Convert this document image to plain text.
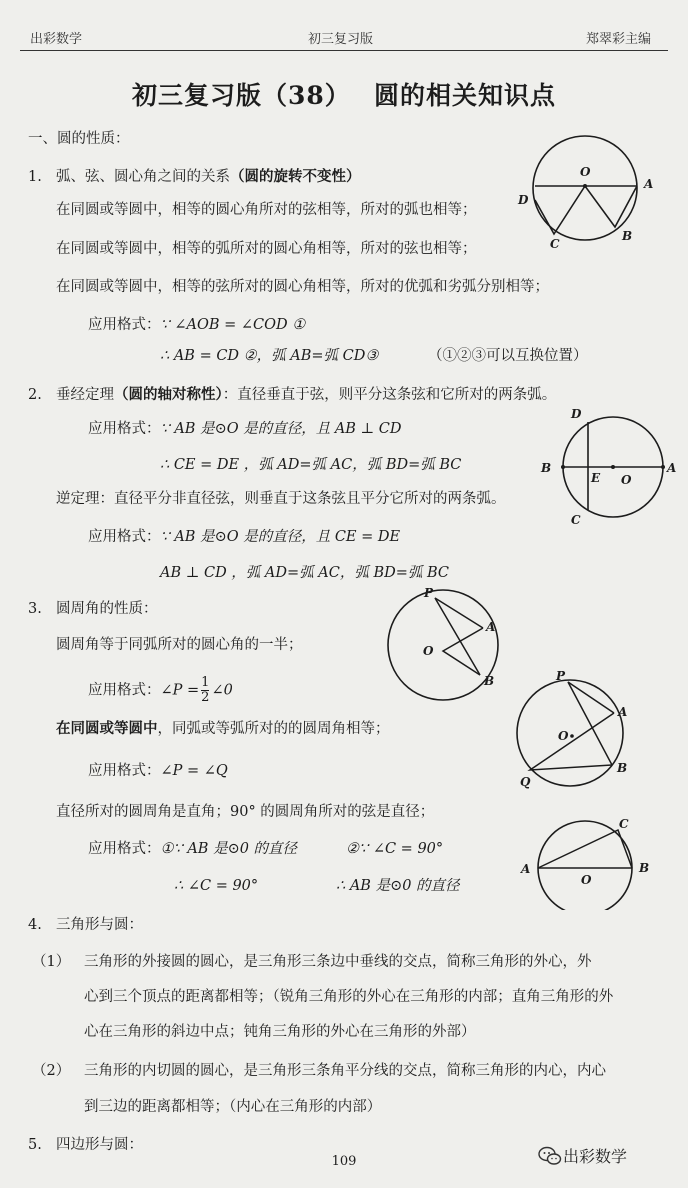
出彩数学	初三复习版	郑翠彩主编
初三复习版（38）　 圆的相关知识点
一、圆的性质：
1. 弧、弦、圆心角之间的关系（圆的旋转不变性）
在同圆或等圆中，相等的圆心角所对的弦相等，所对的弧也相等；
在同圆或等圆中，相等的弧所对的圆心角相等，所对的弦也相等；
在同圆或等圆中，相等的弦所对的圆心角相等，所对的优弧和劣弧分别相等；
应用格式：∵ ∠AOB = ∠COD ①
∴ AB = CD ②，弧 AB=弧 CD③	（①②③可以互换位置）
2. 垂经定理（圆的轴对称性）：直径垂直于弦，则平分这条弦和它所对的两条弧。
应用格式：∵ AB 是⊙O 是的直径，且 AB ⊥ CD
∴ CE = DE ，弧 AD=弧 AC，弧 BD=弧 BC
逆定理：直径平分非直径弦，则垂直于这条弦且平分它所对的两条弧。
应用格式：∵ AB 是⊙O 是的直径，且 CE = DE
AB ⊥ CD ，弧 AD=弧 AC，弧 BD=弧 BC
3. 圆周角的性质：
圆周角等于同弧所对的圆心角的一半；
应用格式：∠P = $\frac{1}{2}$ ∠0
在同圆或等圆中，同弧或等弧所对的的圆周角相等；
应用格式：∠P = ∠Q
直径所对的圆周角是直角；90° 的圆周角所对的弦是直径；
应用格式：①∵ AB 是⊙0 的直径	②∵ ∠C = 90°
∴ ∠C = 90°	∴ AB 是⊙0 的直径
4. 三角形与圆：
（1） 三角形的外接圆的圆心，是三角形三条边中垂线的交点，简称三角形的外心，外
心到三个顶点的距离都相等；（锐角三角形的外心在三角形的内部；直角三角形的外
心在三角形的斜边中点；钝角三角形的外心在三角形的外部）
（2） 三角形的内切圆的圆心，是三角形三条角平分线的交点，简称三角形的内心，内心
到三边的距离都相等；（内心在三角形的内部）
5. 四边形与圆：
O
A
B
C
D
D
B
E O
A
C
P
A
O
B	P
A
O
B
Q
C
A
O
B
109	出彩数学
